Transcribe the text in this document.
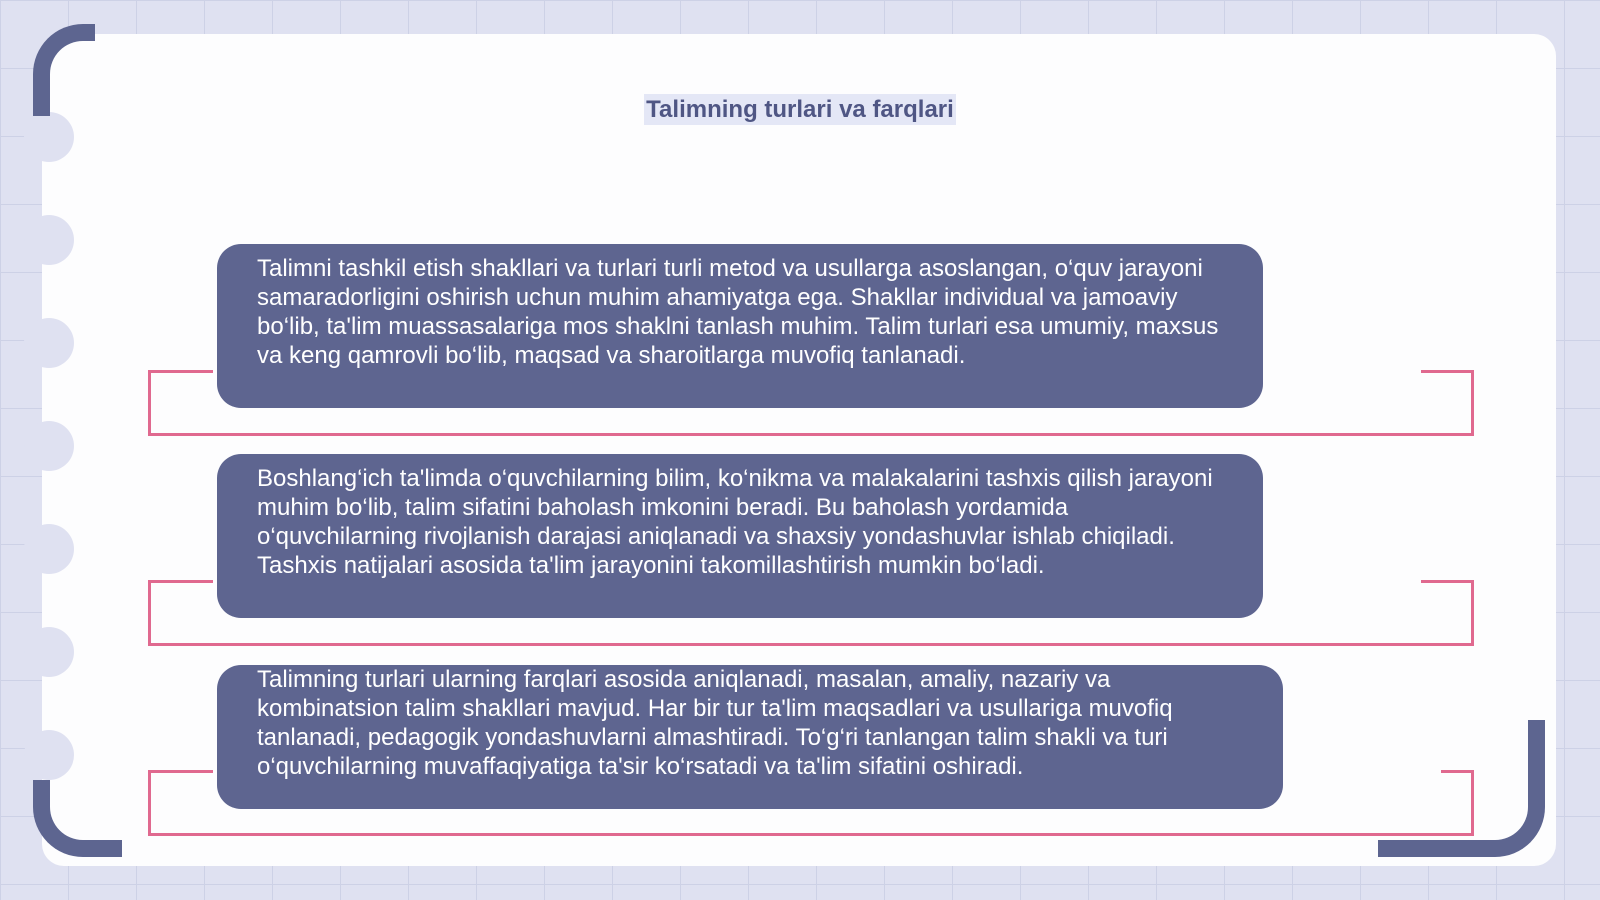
Talimning turlari va farqlari
Talimni tashkil etish shakllari va turlari turli metod va usullarga asoslangan, o‘quv jarayoni samaradorligini oshirish uchun muhim ahamiyatga ega. Shakllar individual va jamoaviy bo‘lib, ta'lim muassasalariga mos shaklni tanlash muhim. Talim turlari esa umumiy, maxsus va keng qamrovli bo‘lib, maqsad va sharoitlarga muvofiq tanlanadi.
Boshlang‘ich ta'limda o‘quvchilarning bilim, ko‘nikma va malakalarini tashxis qilish jarayoni muhim bo‘lib, talim sifatini baholash imkonini beradi. Bu baholash yordamida o‘quvchilarning rivojlanish darajasi aniqlanadi va shaxsiy yondashuvlar ishlab chiqiladi. Tashxis natijalari asosida ta'lim jarayonini takomillashtirish mumkin bo‘ladi.
Talimning turlari ularning farqlari asosida aniqlanadi, masalan, amaliy, nazariy va kombinatsion talim shakllari mavjud. Har bir tur ta'lim maqsadlari va usullariga muvofiq tanlanadi, pedagogik yondashuvlarni almashtiradi. To‘g‘ri tanlangan talim shakli va turi o‘quvchilarning muvaffaqiyatiga ta'sir ko‘rsatadi va ta'lim sifatini oshiradi.
